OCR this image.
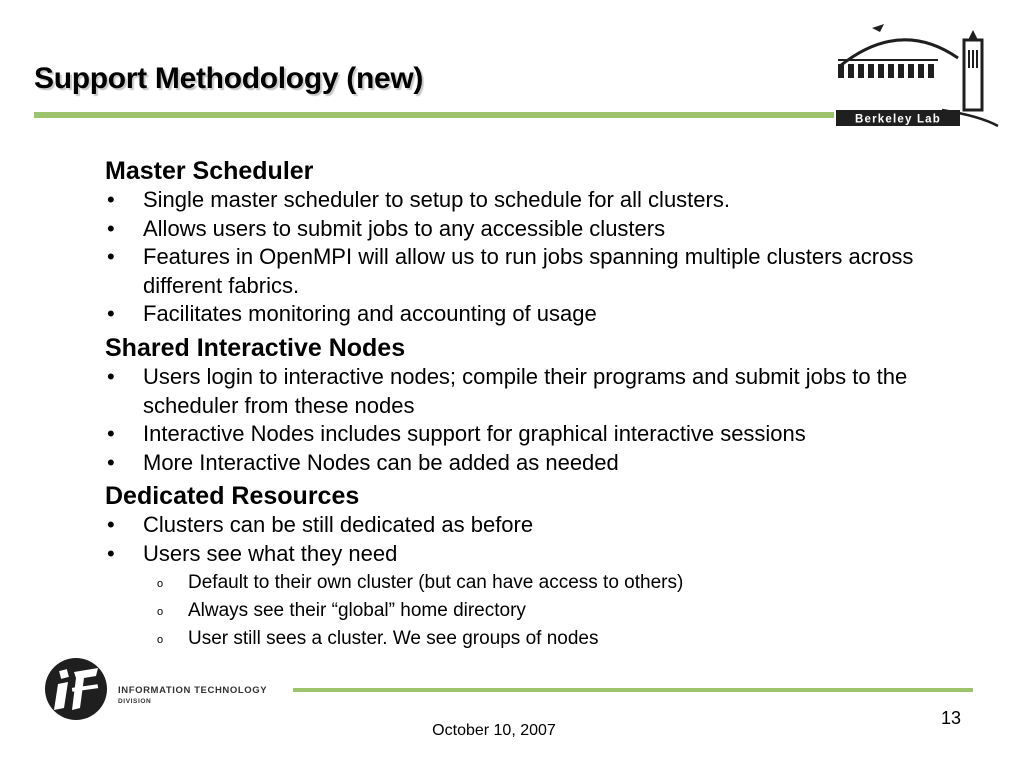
Support Methodology (new)
Berkeley Lab
Master Scheduler
• Single master scheduler to setup to schedule for all clusters.
• Allows users to submit jobs to any accessible clusters
• Features in OpenMPI will allow us to run jobs spanning multiple clusters across different fabrics.
• Facilitates monitoring and accounting of usage
Shared Interactive Nodes
• Users login to interactive nodes; compile their programs and submit jobs to the scheduler from these nodes
• Interactive Nodes includes support for graphical interactive sessions
• More Interactive Nodes can be added as needed
Dedicated Resources
• Clusters can be still dedicated as before
• Users see what they need
o Default to their own cluster (but can have access to others)
o Always see their “global” home directory
o User still sees a cluster. We see groups of nodes
INFORMATION TECHNOLOGY
DIVISION
October 10, 2007
13
